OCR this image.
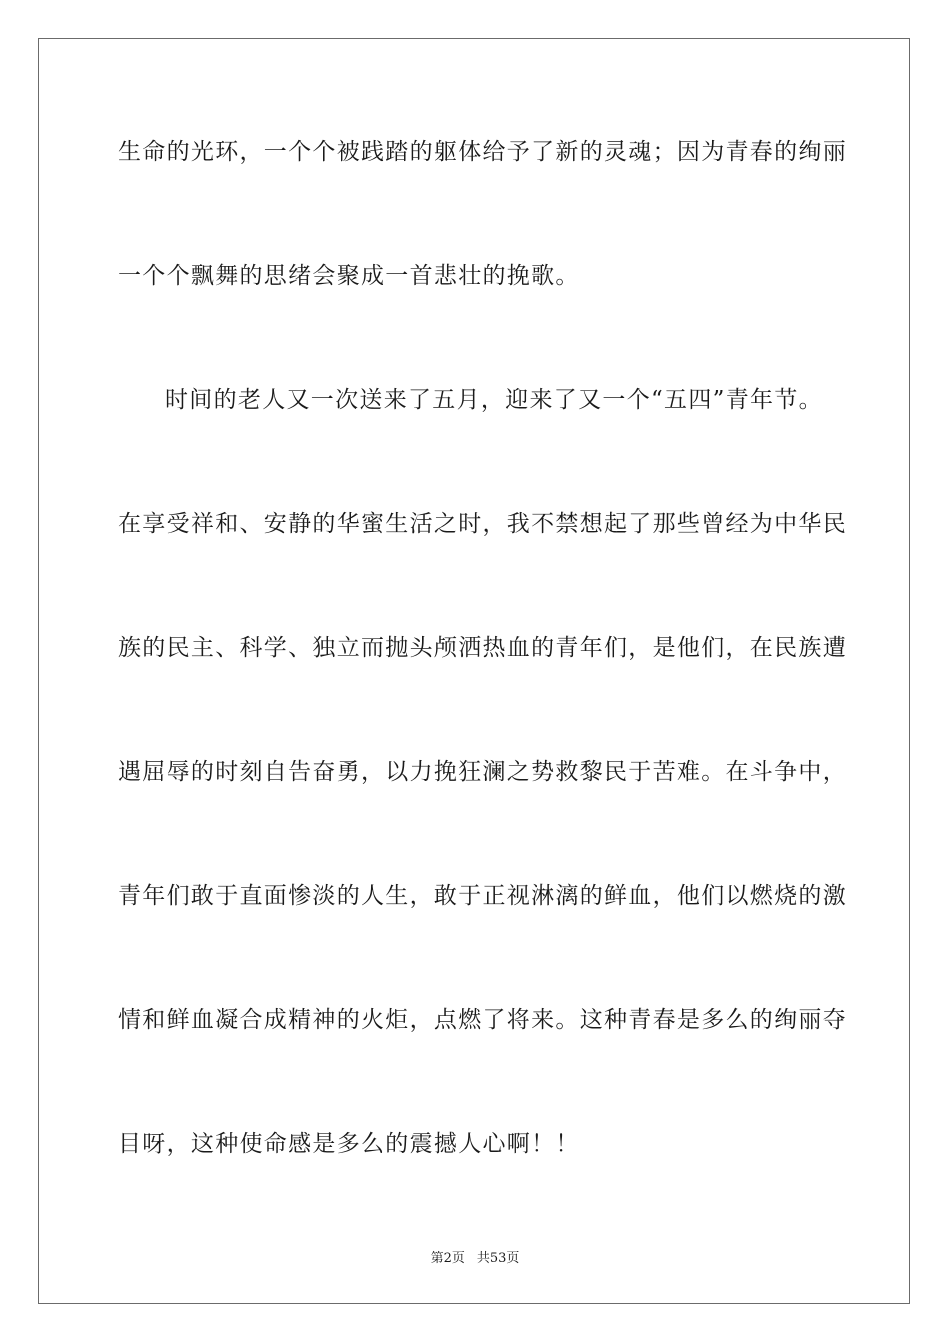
生命的光环，一个个被践踏的躯体给予了新的灵魂；因为青春的绚丽
一个个飘舞的思绪会聚成一首悲壮的挽歌。
时间的老人又一次送来了五月，迎来了又一个“五四”青年节。
在享受祥和、安静的华蜜生活之时，我不禁想起了那些曾经为中华民
族的民主、科学、独立而抛头颅洒热血的青年们，是他们，在民族遭
遇屈辱的时刻自告奋勇，以力挽狂澜之势救黎民于苦难。在斗争中，
青年们敢于直面惨淡的人生，敢于正视淋漓的鲜血，他们以燃烧的激
情和鲜血凝合成精神的火炬，点燃了将来。这种青春是多么的绚丽夺
目呀，这种使命感是多么的震撼人心啊！！
第2页 共53页
